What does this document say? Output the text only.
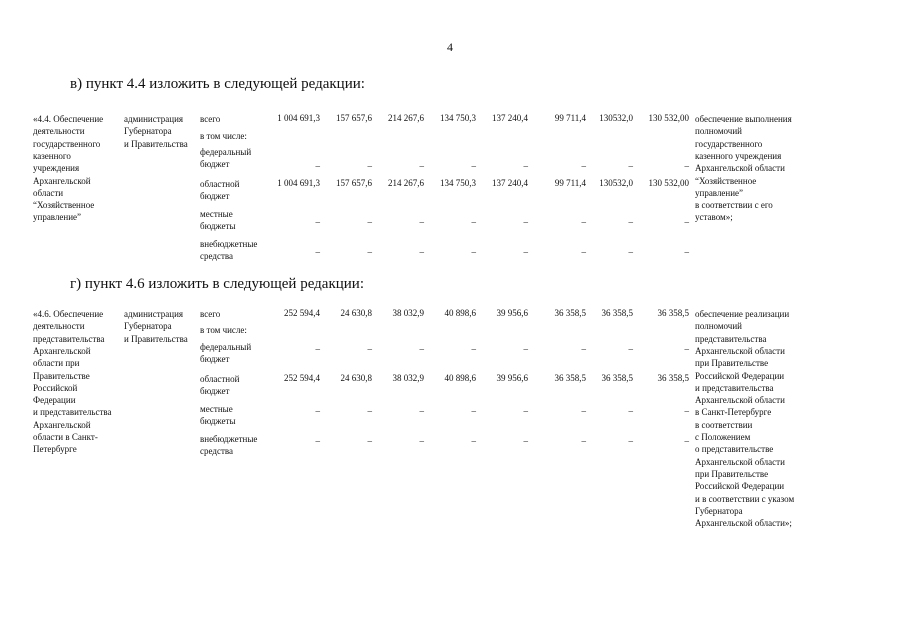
4
в) пункт 4.4 изложить в следующей редакции:
«4.4. Обеспечение
деятельности
государственного
казенного
учреждения
Архангельской
области
“Хозяйственное
управление”
администрация
Губернатора
и Правительства
всего	1 004 691,3	157 657,6	214 267,6	134 750,3	137 240,4	99 711,4	130532,0	130 532,00
в том числе:
федеральный
бюджет	–	–	–	–	–	–	–	–
областной
бюджет
1 004 691,3	157 657,6	214 267,6	134 750,3	137 240,4	99 711,4	130532,0	130 532,00
местные
бюджеты	–	–	–	–	–	–	–	–
внебюджетные
средства	–	–	–	–	–	–	–	–
обеспечение выполнения
полномочий
государственного
казенного учреждения
Архангельской области
“Хозяйственное
управление”
в соответствии с его
уставом»;
г) пункт 4.6 изложить в следующей редакции:
«4.6. Обеспечение
деятельности
представительства
Архангельской
области при
Правительстве
Российской
Федерации
и представительства
Архангельской
области в Санкт-
Петербурге
администрация
Губернатора
и Правительства
всего	252 594,4	24 630,8	38 032,9	40 898,6	39 956,6	36 358,5	36 358,5	36 358,5
в том числе:
федеральный
бюджет
–	–	–	–	–	–	–	–
областной
бюджет
252 594,4	24 630,8	38 032,9	40 898,6	39 956,6	36 358,5	36 358,5	36 358,5
местные
бюджеты
–	–	–	–	–	–	–	–
внебюджетные
средства
–	–	–	–	–	–	–	–
обеспечение реализации
полномочий
представительства
Архангельской области
при Правительстве
Российской Федерации
и представительства
Архангельской области
в Санкт-Петербурге
в соответствии
с Положением
о представительстве
Архангельской области
при Правительстве
Российской Федерации
и в соответствии с указом
Губернатора
Архангельской области»;
